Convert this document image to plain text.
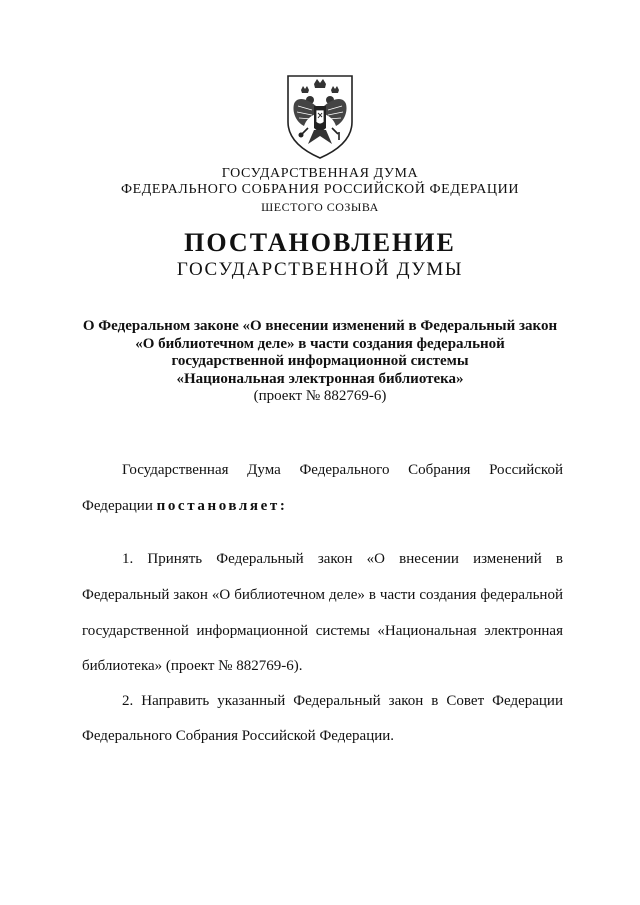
ГОСУДАРСТВЕННАЯ ДУМА
ФЕДЕРАЛЬНОГО СОБРАНИЯ РОССИЙСКОЙ ФЕДЕРАЦИИ
ШЕСТОГО СОЗЫВА
ПОСТАНОВЛЕНИЕ
ГОСУДАРСТВЕННОЙ ДУМЫ
О Федеральном законе «О внесении изменений в Федеральный закон
«О библиотечном деле» в части создания федеральной
государственной информационной системы
«Национальная электронная библиотека»
(проект № 882769-6)
Государственная Дума Федерального Собрания Российской
Федерации постановляет:
1. Принять Федеральный закон «О внесении изменений в
Федеральный закон «О библиотечном деле» в части создания федеральной
государственной информационной системы «Национальная электронная
библиотека» (проект № 882769-6).
2. Направить указанный Федеральный закон в Совет Федерации
Федерального Собрания Российской Федерации.
